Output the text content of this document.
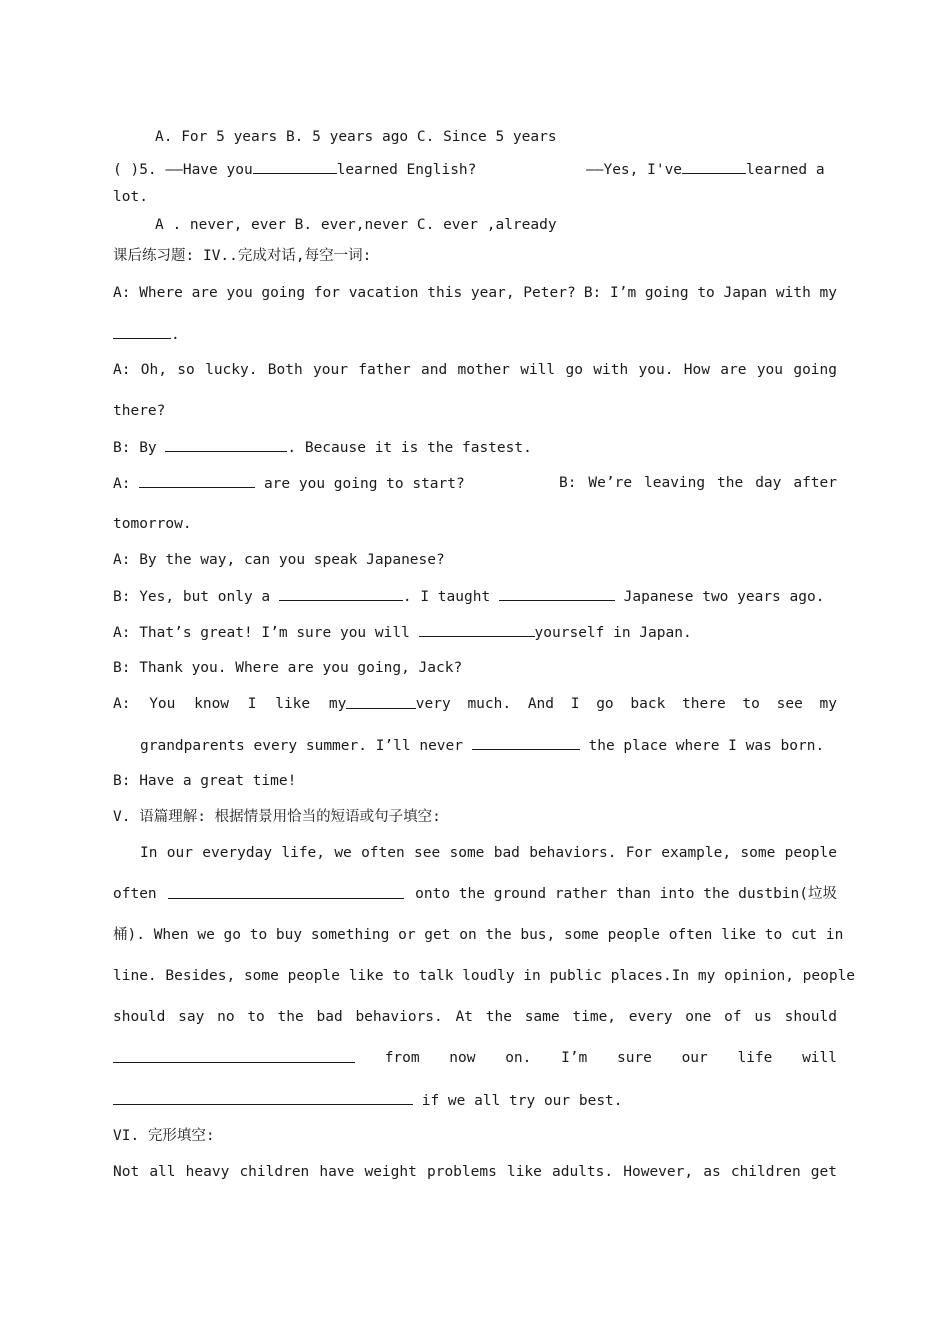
A. For 5 years B. 5 years ago C. Since 5 years
( )5. ——Have you	learned English?	——Yes, I've	learned a
lot.
A . never, ever B. ever,never C. ever ,already
课后练习题: IV..完成对话,每空一词:
A: Where are you going for vacation this year, Peter? B: I’m going to Japan with my
.
A: Oh, so lucky. Both your father and mother will go with you. How are you going
there?
B: By	. Because it is the fastest.
A:	are you going to start?	B: We’re leaving the day after
tomorrow.
A: By the way, can you speak Japanese?
B: Yes, but only a	. I taught	Japanese two years ago.
A: That’s great! I’m sure you will	yourself in Japan.
B: Thank you. Where are you going, Jack?
A: You know I like my	very much. And I go back there to see my
grandparents every summer. I’ll never	the place where I was born.
B: Have a great time!
V. 语篇理解: 根据情景用恰当的短语或句子填空:
In our everyday life, we often see some bad behaviors. For example, some people
often	onto the ground rather than into the dustbin(垃圾
桶). When we go to buy something or get on the bus, some people often like to cut in
line. Besides, some people like to talk loudly in public places.In my opinion, people
should say no to the bad behaviors. At the same time, every one of us should
from now on. I’m sure our life will
if we all try our best.
VI. 完形填空:
Not all heavy children have weight problems like adults. However, as children get
